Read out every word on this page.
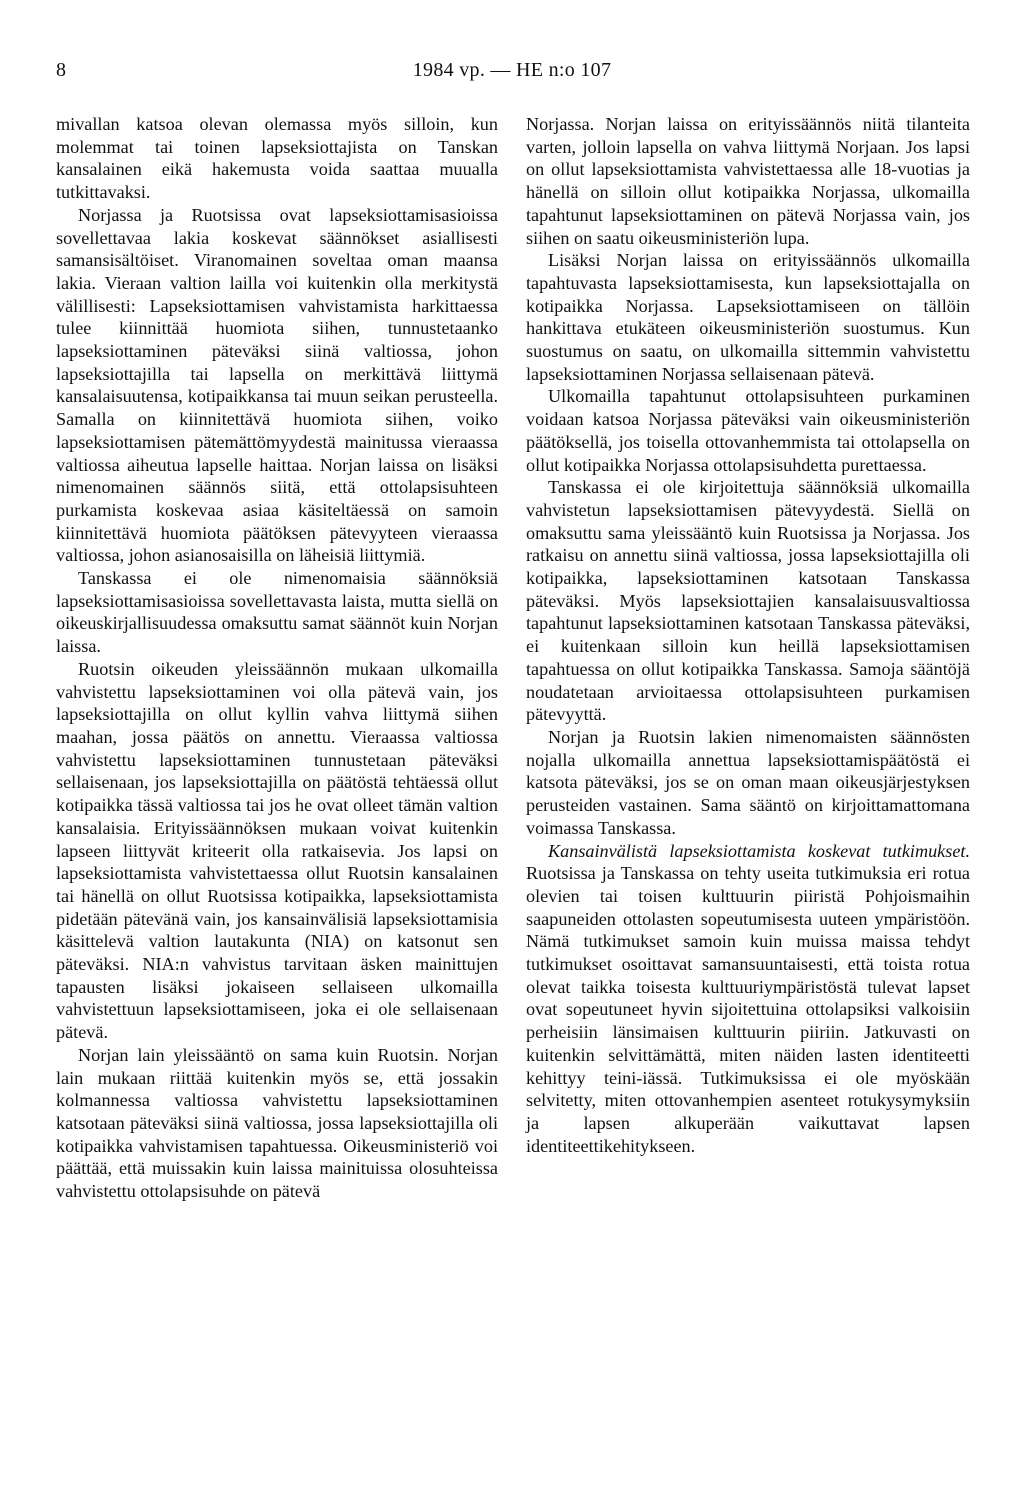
8	1984 vp. — HE n:o 107

mivallan katsoa olevan olemassa myös silloin, kun molemmat tai toinen lapseksiottajista on Tanskan kansalainen eikä hakemusta voida saattaa muualla tutkittavaksi.

Norjassa ja Ruotsissa ovat lapseksiottamisasioissa sovellettavaa lakia koskevat säännökset asiallisesti samansisältöiset. Viranomainen soveltaa oman maansa lakia. Vieraan valtion lailla voi kuitenkin olla merkitystä välillisesti: Lapseksiottamisen vahvistamista harkittaessa tulee kiinnittää huomiota siihen, tunnustetaanko lapseksiottaminen päteväksi siinä valtiossa, johon lapseksiottajilla tai lapsella on merkittävä liittymä kansalaisuutensa, kotipaikkansa tai muun seikan perusteella. Samalla on kiinnitettävä huomiota siihen, voiko lapseksiottamisen pätemättömyydestä mainitussa vieraassa valtiossa aiheutua lapselle haittaa. Norjan laissa on lisäksi nimenomainen säännös siitä, että ottolapsisuhteen purkamista koskevaa asiaa käsiteltäessä on samoin kiinnitettävä huomiota päätöksen pätevyyteen vieraassa valtiossa, johon asianosaisilla on läheisiä liittymiä.

Tanskassa ei ole nimenomaisia säännöksiä lapseksiottamisasioissa sovellettavasta laista, mutta siellä on oikeuskirjallisuudessa omaksuttu samat säännöt kuin Norjan laissa.

Ruotsin oikeuden yleissäännön mukaan ulkomailla vahvistettu lapseksiottaminen voi olla pätevä vain, jos lapseksiottajilla on ollut kyllin vahva liittymä siihen maahan, jossa päätös on annettu. Vieraassa valtiossa vahvistettu lapseksiottaminen tunnustetaan päteväksi sellaisenaan, jos lapseksiottajilla on päätöstä tehtäessä ollut kotipaikka tässä valtiossa tai jos he ovat olleet tämän valtion kansalaisia. Erityissäännöksen mukaan voivat kuitenkin lapseen liittyvät kriteerit olla ratkaisevia. Jos lapsi on lapseksiottamista vahvistettaessa ollut Ruotsin kansalainen tai hänellä on ollut Ruotsissa kotipaikka, lapseksiottamista pidetään pätevänä vain, jos kansainvälisiä lapseksiottamisia käsittelevä valtion lautakunta (NIA) on katsonut sen päteväksi. NIA:n vahvistus tarvitaan äsken mainittujen tapausten lisäksi jokaiseen sellaiseen ulkomailla vahvistettuun lapseksiottamiseen, joka ei ole sellaisenaan pätevä.

Norjan lain yleissääntö on sama kuin Ruotsin. Norjan lain mukaan riittää kuitenkin myös se, että jossakin kolmannessa valtiossa vahvistettu lapseksiottaminen katsotaan päteväksi siinä valtiossa, jossa lapseksiottajilla oli kotipaikka vahvistamisen tapahtuessa. Oikeusministeriö voi päättää, että muissakin kuin laissa mainituissa olosuhteissa vahvistettu ottolapsisuhde on pätevä

Norjassa. Norjan laissa on erityissäännös niitä tilanteita varten, jolloin lapsella on vahva liittymä Norjaan. Jos lapsi on ollut lapseksiottamista vahvistettaessa alle 18-vuotias ja hänellä on silloin ollut kotipaikka Norjassa, ulkomailla tapahtunut lapseksiottaminen on pätevä Norjassa vain, jos siihen on saatu oikeusministeriön lupa.

Lisäksi Norjan laissa on erityissäännös ulkomailla tapahtuvasta lapseksiottamisesta, kun lapseksiottajalla on kotipaikka Norjassa. Lapseksiottamiseen on tällöin hankittava etukäteen oikeusministeriön suostumus. Kun suostumus on saatu, on ulkomailla sittemmin vahvistettu lapseksiottaminen Norjassa sellaisenaan pätevä.

Ulkomailla tapahtunut ottolapsisuhteen purkaminen voidaan katsoa Norjassa päteväksi vain oikeusministeriön päätöksellä, jos toisella ottovanhemmista tai ottolapsella on ollut kotipaikka Norjassa ottolapsisuhdetta purettaessa.

Tanskassa ei ole kirjoitettuja säännöksiä ulkomailla vahvistetun lapseksiottamisen pätevyydestä. Siellä on omaksuttu sama yleissääntö kuin Ruotsissa ja Norjassa. Jos ratkaisu on annettu siinä valtiossa, jossa lapseksiottajilla oli kotipaikka, lapseksiottaminen katsotaan Tanskassa päteväksi. Myös lapseksiottajien kansalaisuusvaltiossa tapahtunut lapseksiottaminen katsotaan Tanskassa päteväksi, ei kuitenkaan silloin kun heillä lapseksiottamisen tapahtuessa on ollut kotipaikka Tanskassa. Samoja sääntöjä noudatetaan arvioitaessa ottolapsisuhteen purkamisen pätevyyttä.

Norjan ja Ruotsin lakien nimenomaisten säännösten nojalla ulkomailla annettua lapseksiottamispäätöstä ei katsota päteväksi, jos se on oman maan oikeusjärjestyksen perusteiden vastainen. Sama sääntö on kirjoittamattomana voimassa Tanskassa.

Kansainvälistä lapseksiottamista koskevat tutkimukset. Ruotsissa ja Tanskassa on tehty useita tutkimuksia eri rotua olevien tai toisen kulttuurin piiristä Pohjoismaihin saapuneiden ottolasten sopeutumisesta uuteen ympäristöön. Nämä tutkimukset samoin kuin muissa maissa tehdyt tutkimukset osoittavat samansuuntaisesti, että toista rotua olevat taikka toisesta kulttuuriympäristöstä tulevat lapset ovat sopeutuneet hyvin sijoitettuina ottolapsiksi valkoisiin perheisiin länsimaisen kulttuurin piiriin. Jatkuvasti on kuitenkin selvittämättä, miten näiden lasten identiteetti kehittyy teini-iässä. Tutkimuksissa ei ole myöskään selvitetty, miten ottovanhempien asenteet rotukysymyksiin ja lapsen alkuperään vaikuttavat lapsen identiteettikehitykseen.
